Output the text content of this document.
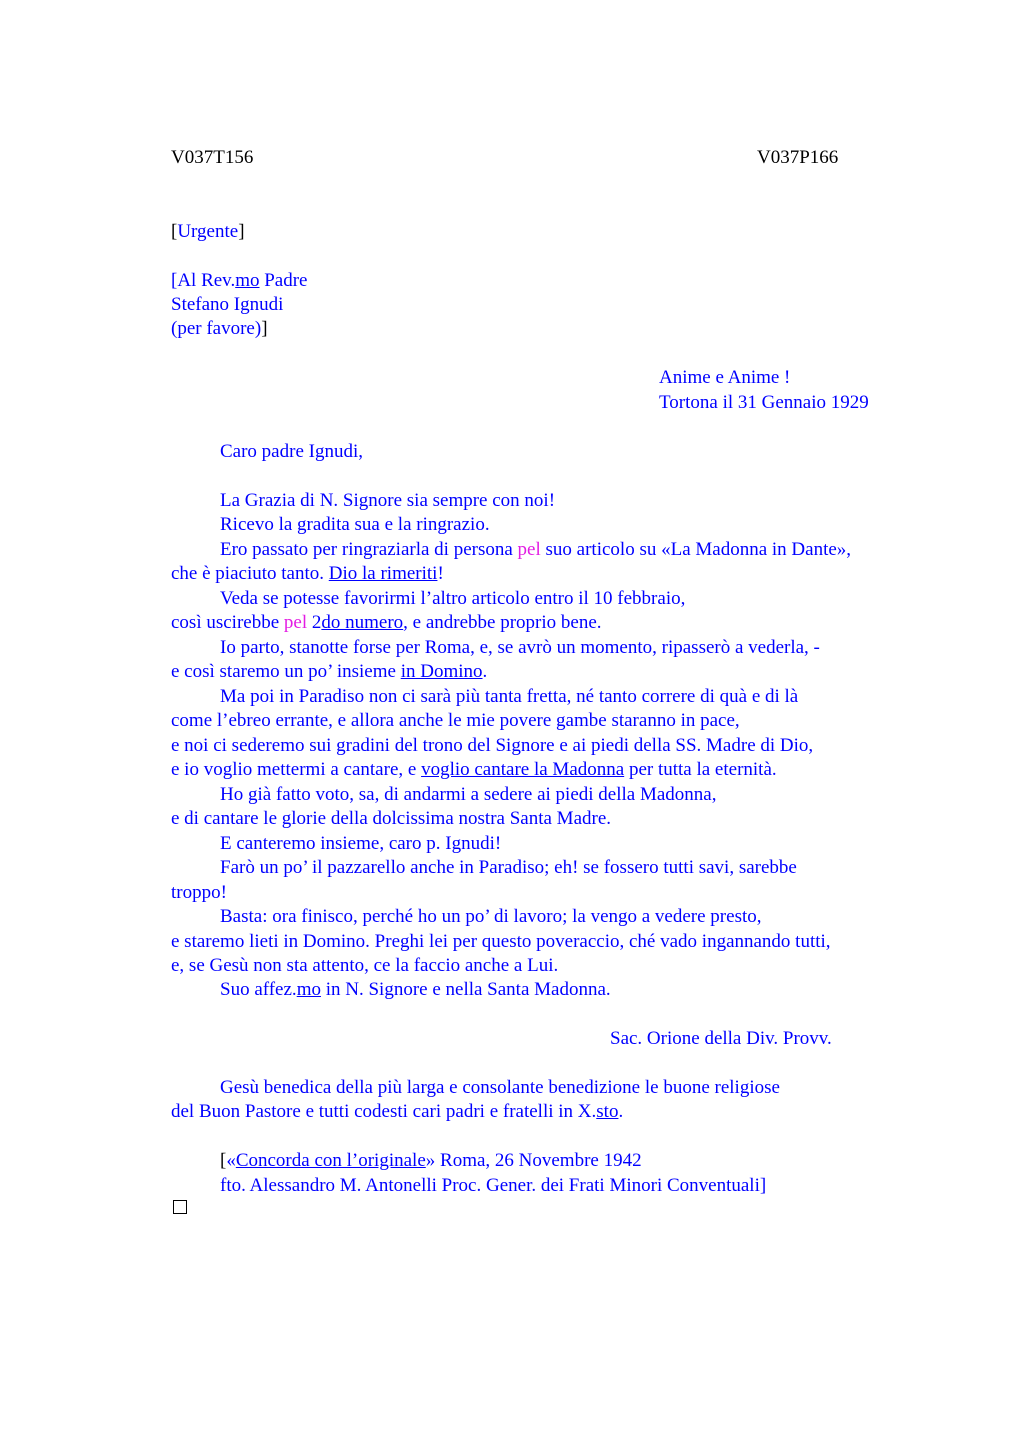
V037T156	V037P166
[Urgente]
[Al Rev.mo Padre
Stefano Ignudi
(per favore)]
Anime e Anime !
Tortona il 31 Gennaio 1929
Caro padre Ignudi,
La Grazia di N. Signore sia sempre con noi!
Ricevo la gradita sua e la ringrazio.
Ero passato per ringraziarla di persona pel suo articolo su «La Madonna in Dante»,
che è piaciuto tanto. Dio la rimeriti!
Veda se potesse favorirmi l’altro articolo entro il 10 febbraio,
così uscirebbe pel 2do numero, e andrebbe proprio bene.
Io parto, stanotte forse per Roma, e, se avrò un momento, ripasserò a vederla, -
e così staremo un po’ insieme in Domino.
Ma poi in Paradiso non ci sarà più tanta fretta, né tanto correre di quà e di là
come l’ebreo errante, e allora anche le mie povere gambe staranno in pace,
e noi ci sederemo sui gradini del trono del Signore e ai piedi della SS. Madre di Dio,
e io voglio mettermi a cantare, e voglio cantare la Madonna per tutta la eternità.
Ho già fatto voto, sa, di andarmi a sedere ai piedi della Madonna,
e di cantare le glorie della dolcissima nostra Santa Madre.
E canteremo insieme, caro p. Ignudi!
Farò un po’ il pazzarello anche in Paradiso; eh! se fossero tutti savi, sarebbe
troppo!
Basta: ora finisco, perché ho un po’ di lavoro; la vengo a vedere presto,
e staremo lieti in Domino. Preghi lei per questo poveraccio, ché vado ingannando tutti,
e, se Gesù non sta attento, ce la faccio anche a Lui.
Suo affez.mo in N. Signore e nella Santa Madonna.
Sac. Orione della Div. Provv.
Gesù benedica della più larga e consolante benedizione le buone religiose
del Buon Pastore e tutti codesti cari padri e fratelli in X.sto.
[«Concorda con l’originale» Roma, 26 Novembre 1942
fto. Alessandro M. Antonelli Proc. Gener. dei Frati Minori Conventuali]
